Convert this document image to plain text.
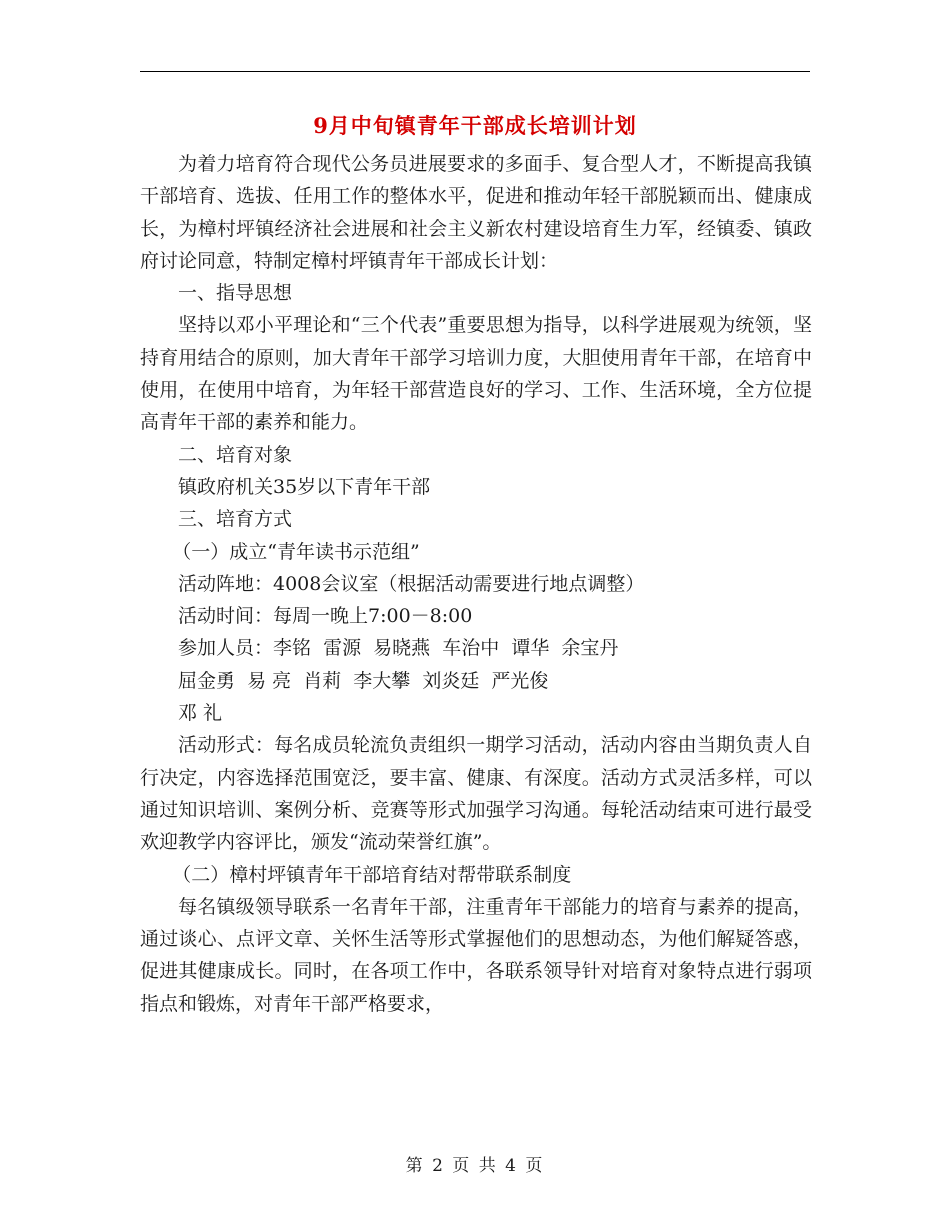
9月中旬镇青年干部成长培训计划

为着力培育符合现代公务员进展要求的多面手、复合型人才，不断提高我镇干部培育、选拔、任用工作的整体水平，促进和推动年轻干部脱颖而出、健康成长，为樟村坪镇经济社会进展和社会主义新农村建设培育生力军，经镇委、镇政府讨论同意，特制定樟村坪镇青年干部成长计划：

一、指导思想

坚持以邓小平理论和“三个代表”重要思想为指导，以科学进展观为统领，坚持育用结合的原则，加大青年干部学习培训力度，大胆使用青年干部，在培育中使用，在使用中培育，为年轻干部营造良好的学习、工作、生活环境，全方位提高青年干部的素养和能力。

二、培育对象

镇政府机关35岁以下青年干部

三、培育方式

（一）成立“青年读书示范组”

活动阵地：4008会议室（根据活动需要进行地点调整）

活动时间：每周一晚上7:00－8:00

参加人员：李铭  雷源  易晓燕  车治中  谭华  余宝丹

屈金勇  易 亮  肖莉  李大攀  刘炎廷  严光俊

邓 礼

活动形式：每名成员轮流负责组织一期学习活动，活动内容由当期负责人自行决定，内容选择范围宽泛，要丰富、健康、有深度。活动方式灵活多样，可以通过知识培训、案例分析、竞赛等形式加强学习沟通。每轮活动结束可进行最受欢迎教学内容评比，颁发“流动荣誉红旗”。

（二）樟村坪镇青年干部培育结对帮带联系制度

每名镇级领导联系一名青年干部，注重青年干部能力的培育与素养的提高，通过谈心、点评文章、关怀生活等形式掌握他们的思想动态，为他们解疑答惑，促进其健康成长。同时，在各项工作中，各联系领导针对培育对象特点进行弱项指点和锻炼，对青年干部严格要求，

第 2 页 共 4 页
